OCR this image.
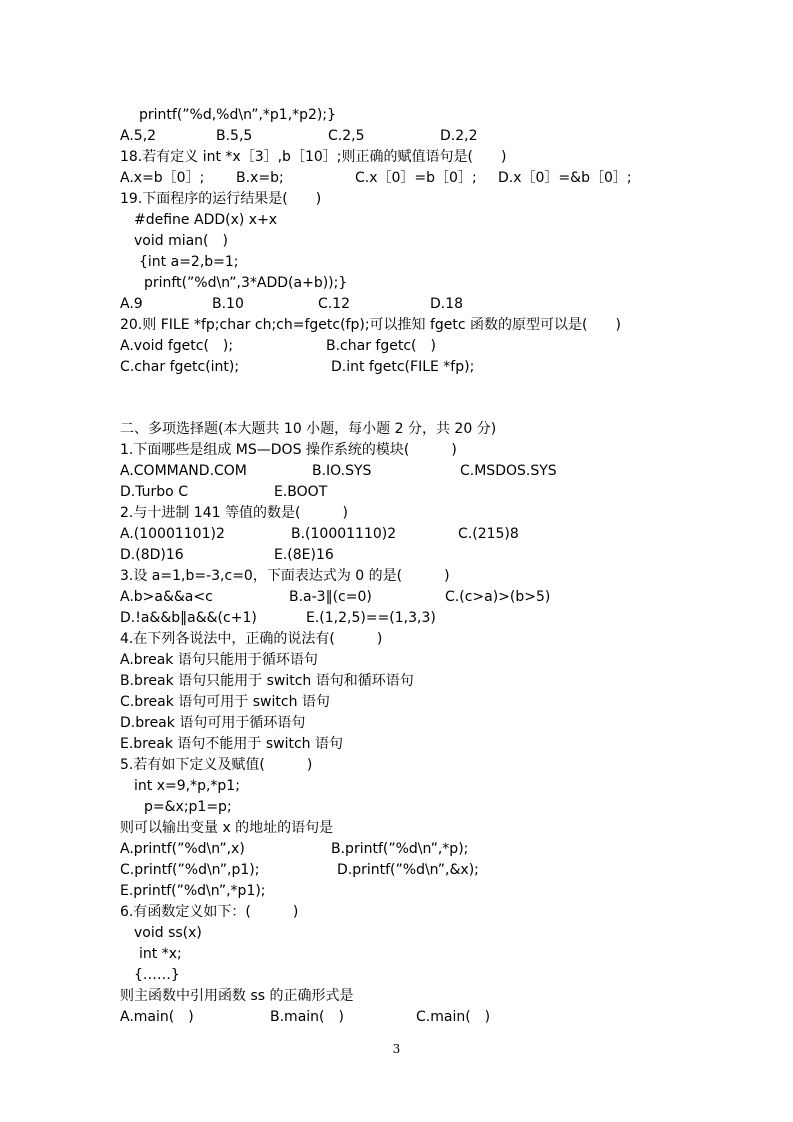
printf(”%d,%d\n”,*p1,*p2);}
A.5,2	B.5,5	C.2,5	D.2,2
18.若有定义 int *x［3］,b［10］;则正确的赋值语句是(　　)
A.x=b［0］; B.x=b;	C.x［0］=b［0］; D.x［0］=&b［0］;
19.下面程序的运行结果是(　　)
#define ADD(x) x+x
void mian(　)
{int a=2,b=1;
prinft(”%d\n”,3*ADD(a+b));}
A.9	B.10	C.12	D.18
20.则 FILE *fp;char ch;ch=fgetc(fp);可以推知 fgetc 函数的原型可以是(　　)
A.void fgetc(　);	B.char fgetc(　)
C.char fgetc(int);	D.int fgetc(FILE *fp);
二、多项选择题(本大题共 10 小题，每小题 2 分，共 20 分)
1.下面哪些是组成 MS—DOS 操作系统的模块(　　　)
A.COMMAND.COM	B.IO.SYS	C.MSDOS.SYS
D.Turbo C	E.BOOT
2.与十进制 141 等值的数是(　　　)
A.(10001101)2	B.(10001110)2	C.(215)8
D.(8D)16	E.(8E)16
3.设 a=1,b=-3,c=0，下面表达式为 0 的是(　　　)
A.b>a&&a<c	B.a-3‖(c=0)	C.(c>a)>(b>5)
D.!a&&b‖a&&(c+1)	E.(1,2,5)==(1,3,3)
4.在下列各说法中，正确的说法有(　　　)
A.break 语句只能用于循环语句
B.break 语句只能用于 switch 语句和循环语句
C.break 语句可用于 switch 语句
D.break 语句可用于循环语句
E.break 语句不能用于 switch 语句
5.若有如下定义及赋值(　　　)
int x=9,*p,*p1;
p=&x;p1=p;
则可以输出变量 x 的地址的语句是
A.printf(”%d\n”,x)	B.printf(”%d\n”,*p);
C.printf(”%d\n”,p1);	D.printf(”%d\n”,&x);
E.printf(”%d\n”,*p1);
6.有函数定义如下：(　　　)
void ss(x)
int *x;
{……}
则主函数中引用函数 ss 的正确形式是
A.main(　)	B.main(　)	C.main(　)
3
